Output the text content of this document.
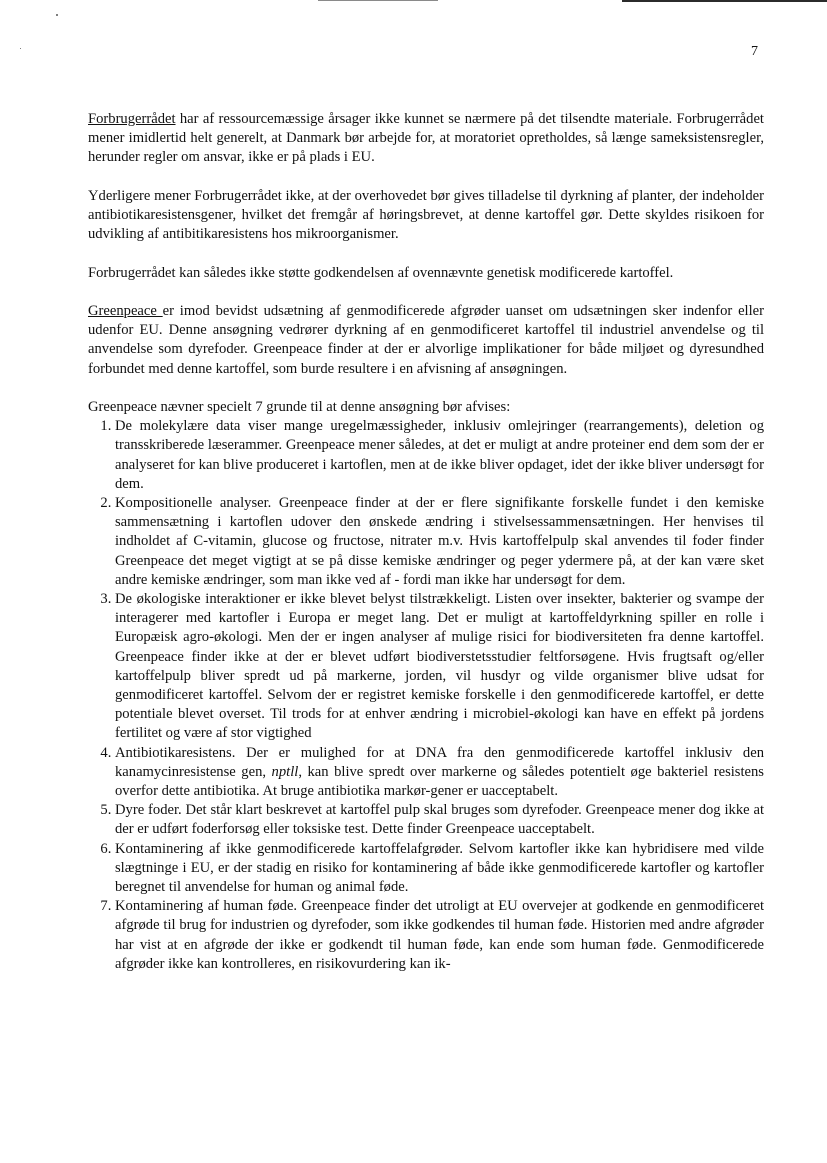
7

Forbrugerrådet har af ressourcemæssige årsager ikke kunnet se nærmere på det tilsendte materiale. Forbrugerrådet mener imidlertid helt generelt, at Danmark bør arbejde for, at moratoriet opretholdes, så længe sameksistensregler, herunder regler om ansvar, ikke er på plads i EU.

Yderligere mener Forbrugerrådet ikke, at der overhovedet bør gives tilladelse til dyrkning af planter, der indeholder antibiotikaresistensgener, hvilket det fremgår af høringsbrevet, at denne kartoffel gør. Dette skyldes risikoen for udvikling af antibitikaresistens hos mikroorganismer.

Forbrugerrådet kan således ikke støtte godkendelsen af ovennævnte genetisk modificerede kartoffel.

Greenpeace er imod bevidst udsætning af genmodificerede afgrøder uanset om udsætningen sker indenfor eller udenfor EU. Denne ansøgning vedrører dyrkning af en genmodificeret kartoffel til industriel anvendelse og til anvendelse som dyrefoder. Greenpeace finder at der er alvorlige implikationer for både miljøet og dyresundhed forbundet med denne kartoffel, som burde resultere i en afvisning af ansøgningen.

Greenpeace nævner specielt 7 grunde til at denne ansøgning bør afvises:

1. De molekylære data viser mange uregelmæssigheder, inklusiv omlejringer (rearrangements), deletion og transskriberede læserammer. Greenpeace mener således, at det er muligt at andre proteiner end dem som der er analyseret for kan blive produceret i kartoflen, men at de ikke bliver opdaget, idet der ikke bliver undersøgt for dem.
2. Kompositionelle analyser. Greenpeace finder at der er flere signifikante forskelle fundet i den kemiske sammensætning i kartoflen udover den ønskede ændring i stivelsessammensætningen. Her henvises til indholdet af C-vitamin, glucose og fructose, nitrater m.v. Hvis kartoffelpulp skal anvendes til foder finder Greenpeace det meget vigtigt at se på disse kemiske ændringer og peger ydermere på, at der kan være sket andre kemiske ændringer, som man ikke ved af - fordi man ikke har undersøgt for dem.
3. De økologiske interaktioner er ikke blevet belyst tilstrækkeligt. Listen over insekter, bakterier og svampe der interagerer med kartofler i Europa er meget lang. Det er muligt at kartoffeldyrkning spiller en rolle i Europæisk agro-økologi. Men der er ingen analyser af mulige risici for biodiversiteten fra denne kartoffel. Greenpeace finder ikke at der er blevet udført biodiverstetsstudier feltforsøgene. Hvis frugtsaft og/eller kartoffelpulp bliver spredt ud på markerne, jorden, vil husdyr og vilde organismer blive udsat for genmodificeret kartoffel. Selvom der er registret kemiske forskelle i den genmodificerede kartoffel, er dette potentiale blevet overset. Til trods for at enhver ændring i microbiel-økologi kan have en effekt på jordens fertilitet og være af stor vigtighed
4. Antibiotikaresistens. Der er mulighed for at DNA fra den genmodificerede kartoffel inklusiv den kanamycinresistense gen, nptll, kan blive spredt over markerne og således potentielt øge bakteriel resistens overfor dette antibiotika. At bruge antibiotika markør-gener er uacceptabelt.
5. Dyre foder. Det står klart beskrevet at kartoffel pulp skal bruges som dyrefoder. Greenpeace mener dog ikke at der er udført foderforsøg eller toksiske test. Dette finder Greenpeace uacceptabelt.
6. Kontaminering af ikke genmodificerede kartoffelafgrøder. Selvom kartofler ikke kan hybridisere med vilde slægtninge i EU, er der stadig en risiko for kontaminering af både ikke genmodificerede kartofler og kartofler beregnet til anvendelse for human og animal føde.
7. Kontaminering af human føde. Greenpeace finder det utroligt at EU overvejer at godkende en genmodificeret afgrøde til brug for industrien og dyrefoder, som ikke godkendes til human føde. Historien med andre afgrøder har vist at en afgrøde der ikke er godkendt til human føde, kan ende som human føde. Genmodificerede afgrøder ikke kan kontrolleres, en risikovurdering kan ik-
